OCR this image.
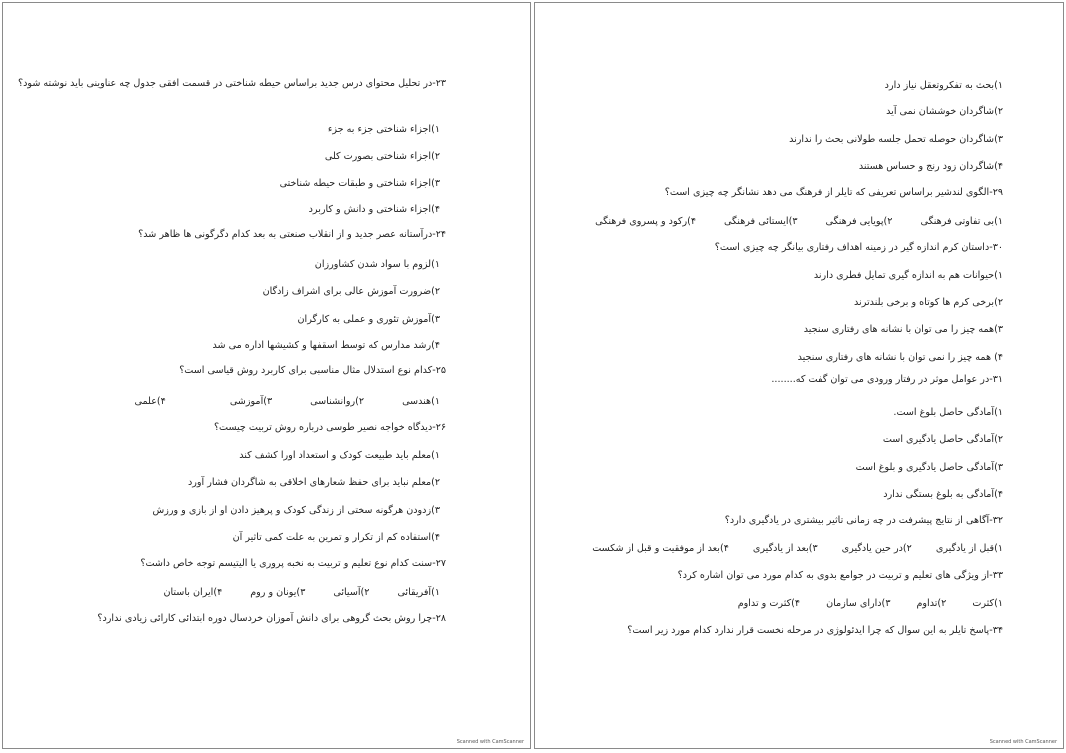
۲۳-در تحلیل محتوای درس جدید براساس حیطه شناختی در قسمت افقی جدول چه عناوینی باید نوشته شود؟
۱)اجزاء شناختی جزء به جزء
۲)اجزاء شناختی بصورت کلی
۳)اجزاء شناختی و طبقات حیطه شناختی
۴)اجزاء شناختی و دانش و کاربرد
۲۴-درآستانه عصر جدید و از انقلاب صنعتی به بعد کدام دگرگونی ها ظاهر شد؟
۱)لزوم با سواد شدن کشاورزان
۲)ضرورت آموزش عالی برای اشراف زادگان
۳)آموزش تئوری و عملی به کارگران
۴)رشد مدارس که توسط اسقفها و کشیشها اداره می شد
۲۵-کدام نوع استدلال مثال مناسبی برای کاربرد روش قیاسی است؟
۱)هندسی
۲)روانشناسی
۳)آموزشی
۴)علمی
۲۶-دیدگاه خواجه نصیر طوسی درباره روش تربیت چیست؟
۱)معلم باید طبیعت کودک و استعداد اورا کشف کند
۲)معلم نباید برای حفظ شعارهای اخلاقی به شاگردان فشار آورد
۳)زدودن هرگونه سختی از زندگی کودک و پرهیز دادن او از بازی و ورزش
۴)استفاده کم از تکرار و تمرین به علت کمی تاثیر آن
۲۷-سنت کدام نوع تعلیم و تربیت به نخبه پروری یا الیتیسم توجه خاص داشت؟
۱)آفریقائی
۲)آسیائی
۳)یونان و روم
۴)ایران باستان
۲۸-چرا روش بحث گروهی برای دانش آموزان خردسال دوره ابتدائی کارائی زیادی ندارد؟
Scanned with CamScanner
۱)بحث به تفکروتعقل نیاز دارد
۲)شاگردان خوششان نمی آید
۳)شاگردان حوصله تحمل جلسه طولانی بحث را ندارند
۴)شاگردان زود رنج و حساس هستند
۲۹-الگوی لندشیر براساس تعریفی که تایلر از فرهنگ می دهد نشانگر چه چیزی است؟
۱)بی تفاوتی فرهنگی
۲)پویایی فرهنگی
۳)ایستائی فرهنگی
۴)رکود و پسروی فرهنگی
۳۰-داستان کرم اندازه گیر در زمینه اهداف رفتاری بیانگر چه چیزی است؟
۱)حیوانات هم به اندازه گیری تمایل فطری دارند
۲)برخی کرم ها کوتاه و برخی بلندترند
۳)همه چیز را می توان با نشانه های رفتاری سنجید
۴) همه چیز را نمی توان با نشانه های رفتاری سنجید
۳۱-در عوامل موثر در رفتار ورودی می توان گفت که........
۱)آمادگی حاصل بلوغ است.
۲)آمادگی حاصل یادگیری است
۳)آمادگی حاصل یادگیری و بلوغ است
۴)آمادگی به بلوغ بستگی ندارد
۳۲-آگاهی از نتایج پیشرفت در چه زمانی تاثیر بیشتری در یادگیری دارد؟
۱)قبل از یادگیری
۲)در حین یادگیری
۳)بعد از یادگیری
۴)بعد از موفقیت و قبل از شکست
۳۳-از ویژگی های تعلیم و تربیت در جوامع بدوی به کدام مورد می توان اشاره کرد؟
۱)کثرت
۲)تداوم
۳)دارای سازمان
۴)کثرت و تداوم
۳۴-پاسخ تایلر به این سوال که چرا ایدئولوژی در مرحله نخست قرار ندارد کدام مورد زیر است؟
Scanned with CamScanner
